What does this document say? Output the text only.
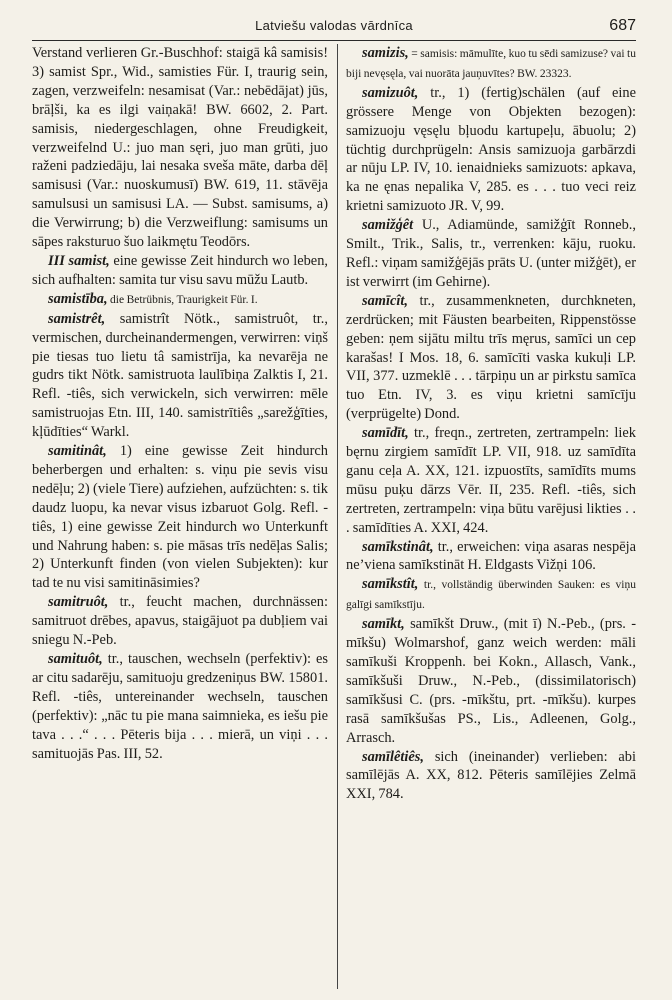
Latviešu valodas vārdnīca	687

Verstand verlieren Gr.-Buschhof: staigā kâ samisis! 3) samist Spr., Wid., samisties Für. I, traurig sein, zagen, verzweifeln: nesamisat (Var.: nebēdājat) jūs, brāļši, ka es ilgi vaiņakā! BW. 6602, 2. Part. samisis, niedergeschlagen, ohne Freudigkeit, verzweifelnd U.: juo man sęri, juo man grūti, juo raženi padziedāju, lai nesaka sveša māte, darba dēļ samisusi (Var.: nuoskumusī) BW. 619, 11. stāvēja samulsusi un samisusi LA. — Subst. samisums, a) die Verwirrung; b) die Verzweiflung: samisums un sāpes raksturuo šuo laikmętu Teodōrs.

III samist, eine gewisse Zeit hindurch wo leben, sich aufhalten: samita tur visu savu mūžu Lautb.

samistība, die Betrübnis, Traurigkeit Für. I.

samistrêt, samistrît Nötk., samistruôt, tr., vermischen, durcheinandermengen, verwirren: viņš pie tiesas tuo lietu tâ samistrīja, ka nevarēja ne gudrs tikt Nötk. samistruota laulībiņa Zalktis I, 21. Refl. -tiês, sich verwickeln, sich verwirren: mēle samistruojas Etn. III, 140. samistrītiês „sarežģīties, kļūdīties“ Warkl.

samitinât, 1) eine gewisse Zeit hindurch beherbergen und erhalten: s. viņu pie sevis visu nedēļu; 2) (viele Tiere) aufziehen, aufzüchten: s. tik daudz luopu, ka nevar visus izbaruot Golg. Refl. -tiês, 1) eine gewisse Zeit hindurch wo Unterkunft und Nahrung haben: s. pie māsas trīs nedēļas Salis; 2) Unterkunft finden (von vielen Subjekten): kur tad te nu visi samitināsimies?

samitruôt, tr., feucht machen, durchnässen: samitruot drēbes, apavus, staigājuot pa dubļiem vai sniegu N.-Peb.

samituôt, tr., tauschen, wechseln (perfektiv): es ar citu sadarēju, samituoju gredzeniņus BW. 15801. Refl. -tiês, untereinander wechseln, tauschen (perfektiv): „nāc tu pie mana saimnieka, es iešu pie tava . . .“ . . . Pēteris bija . . . mierā, un viņi . . . samituojās Pas. III, 52.

samizis, = samisis: māmulīte, kuo tu sēdi samizuse? vai tu biji nevęsęla, vai nuorāta jauņuvītes? BW. 23323.

samizuôt, tr., 1) (fertig)schälen (auf eine grössere Menge von Objekten bezogen): samizuoju vęsęlu bļuodu kartupeļu, ābuolu; 2) tüchtig durchprügeln: Ansis samizuoja garbārzdi ar nūju LP. IV, 10. ienaidnieks samizuots: apkava, ka ne ęnas nepalika V, 285. es . . . tuo veci reiz krietni samizuoto JR. V, 99.

samižģêt U., Adiamünde, samižģīt Ronneb., Smilt., Trik., Salis, tr., verrenken: kāju, ruoku. Refl.: viņam samižģējās prāts U. (unter mižģēt), er ist verwirrt (im Gehirne).

samīcît, tr., zusammenkneten, durchkneten, zerdrücken; mit Fäusten bearbeiten, Rippenstösse geben: ņem sijātu miltu trīs męrus, samīci un cep karašas! I Mos. 18, 6. samīcīti vaska kukuļi LP. VII, 377. uzmeklē . . . tārpiņu un ar pirkstu samīca tuo Etn. IV, 3. es viņu krietni samīcīju (verprügelte) Dond.

samīdīt, tr., freqn., zertreten, zertrampeln: liek bęrnu zirgiem samīdīt LP. VII, 918. uz samīdīta ganu ceļa A. XX, 121. izpuostīts, samīdīts mums mūsu puķu dārzs Vēr. II, 235. Refl. -tiês, sich zertreten, zertrampeln: viņa būtu varējusi likties . . . samīdīties A. XXI, 424.

samīkstinât, tr., erweichen: viņa asaras nespēja ne’viena samīkstināt H. Eldgasts Vižņi 106.

samīkstît, tr., vollständig überwinden Sauken: es viņu galīgi samīkstīju.

samīkt, samīkšt Druw., (mit ī) N.-Peb., (prs. -mīkšu) Wolmarshof, ganz weich werden: māli samīkuši Kroppenh. bei Kokn., Allasch, Vank., samīkšuši Druw., N.-Peb., (dissimilatorisch) samīkšusi C. (prs. -mīkštu, prt. -mīkšu). kurpes rasā samīkšušas PS., Lis., Adleenen, Golg., Arrasch.

samīlêtiês, sich (ineinander) verlieben: abi samīlējās A. XX, 812. Pēteris samīlējies Zelmā XXI, 784.
